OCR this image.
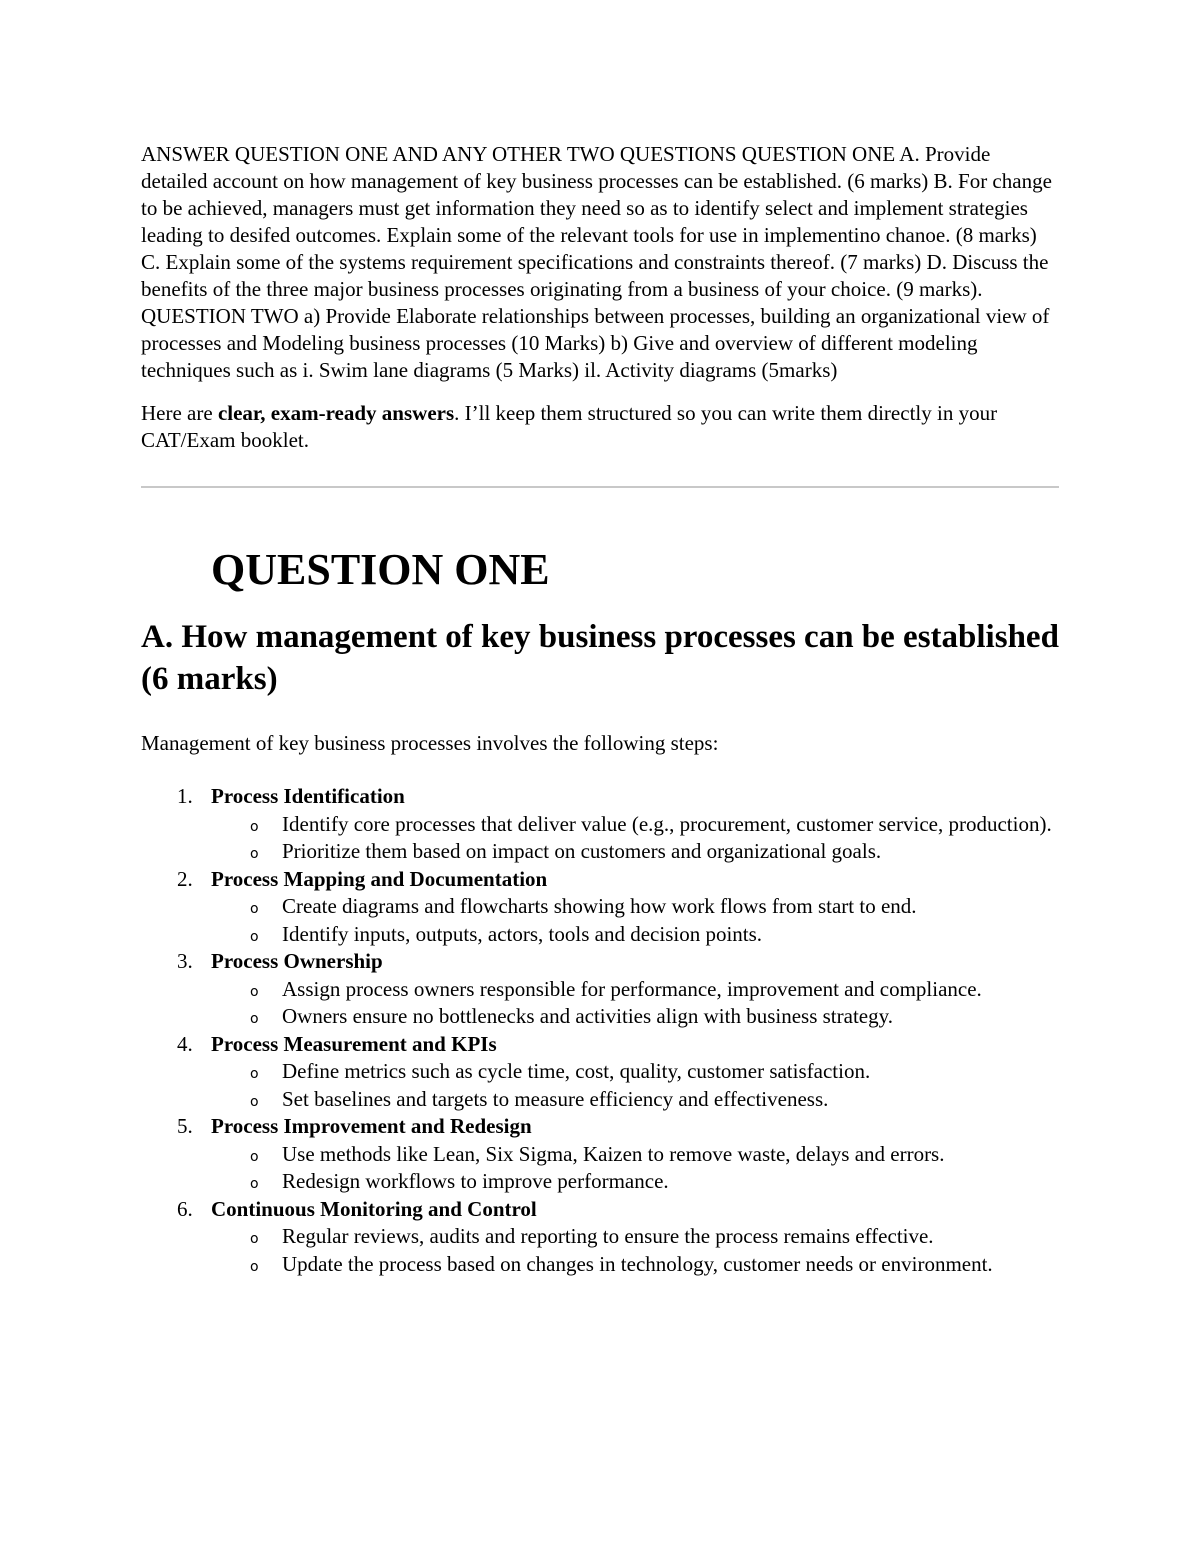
ANSWER QUESTION ONE AND ANY OTHER TWO QUESTIONS QUESTION ONE A. Provide detailed account on how management of key business processes can be established. (6 marks) B. For change to be achieved, managers must get information they need so as to identify select and implement strategies leading to desifed outcomes. Explain some of the relevant tools for use in implementino chanoe. (8 marks) C. Explain some of the systems requirement specifications and constraints thereof. (7 marks) D. Discuss the benefits of the three major business processes originating from a business of your choice. (9 marks). QUESTION TWO a) Provide Elaborate relationships between processes, building an organizational view of processes and Modeling business processes (10 Marks) b) Give and overview of different modeling techniques such as i. Swim lane diagrams (5 Marks) il. Activity diagrams (5marks)

Here are clear, exam-ready answers. I’ll keep them structured so you can write them directly in your CAT/Exam booklet.

QUESTION ONE
A. How management of key business processes can be established (6 marks)

Management of key business processes involves the following steps:

1. Process Identification
o Identify core processes that deliver value (e.g., procurement, customer service, production).
o Prioritize them based on impact on customers and organizational goals.
2. Process Mapping and Documentation
o Create diagrams and flowcharts showing how work flows from start to end.
o Identify inputs, outputs, actors, tools and decision points.
3. Process Ownership
o Assign process owners responsible for performance, improvement and compliance.
o Owners ensure no bottlenecks and activities align with business strategy.
4. Process Measurement and KPIs
o Define metrics such as cycle time, cost, quality, customer satisfaction.
o Set baselines and targets to measure efficiency and effectiveness.
5. Process Improvement and Redesign
o Use methods like Lean, Six Sigma, Kaizen to remove waste, delays and errors.
o Redesign workflows to improve performance.
6. Continuous Monitoring and Control
o Regular reviews, audits and reporting to ensure the process remains effective.
o Update the process based on changes in technology, customer needs or environment.
